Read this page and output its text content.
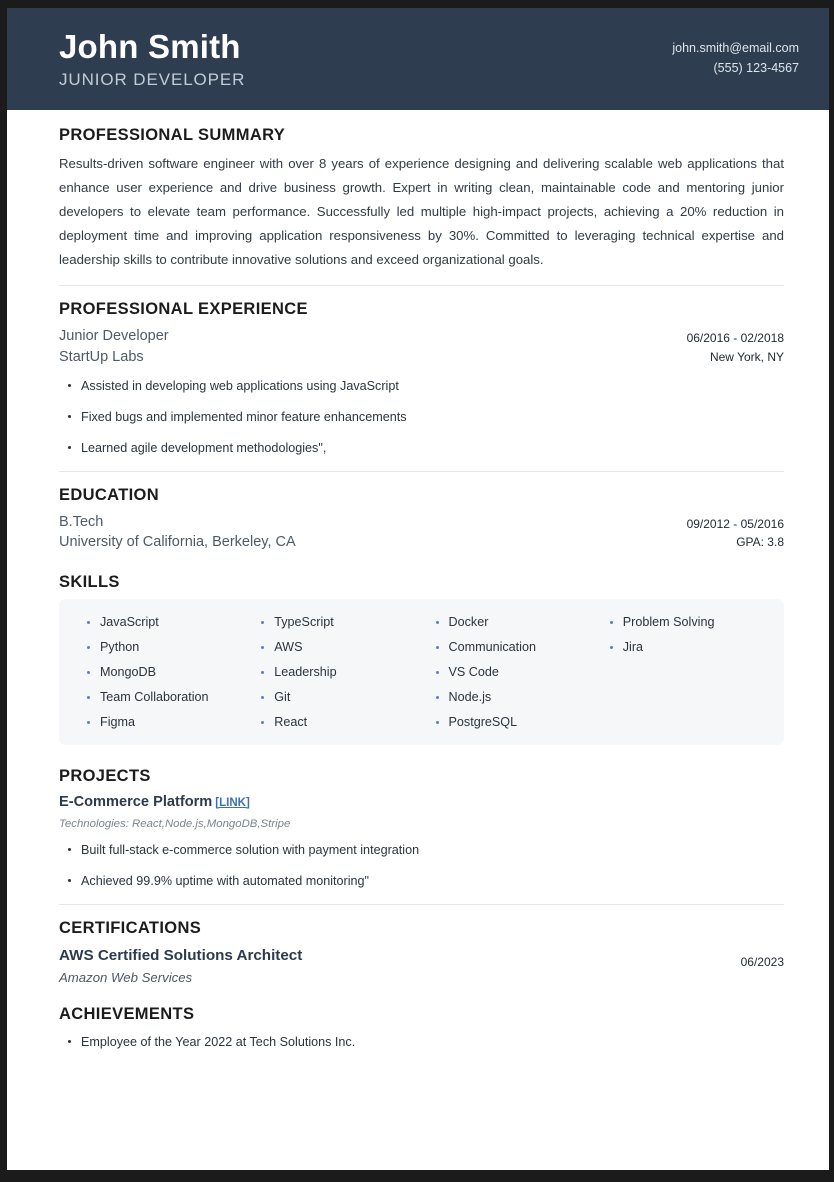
John Smith
JUNIOR DEVELOPER
john.smith@email.com
(555) 123-4567
PROFESSIONAL SUMMARY

Results-driven software engineer with over 8 years of experience designing and delivering scalable web applications that enhance user experience and drive business growth. Expert in writing clean, maintainable code and mentoring junior developers to elevate team performance. Successfully led multiple high-impact projects, achieving a 20% reduction in deployment time and improving application responsiveness by 30%. Committed to leveraging technical expertise and leadership skills to contribute innovative solutions and exceed organizational goals.

PROFESSIONAL EXPERIENCE
Junior Developer
StartUp Labs
06/2016 - 02/2018
New York, NY
Assisted in developing web applications using JavaScript
Fixed bugs and implemented minor feature enhancements
Learned agile development methodologies",
EDUCATION
B.Tech
University of California, Berkeley, CA
09/2012 - 05/2016
GPA: 3.8
SKILLS
JavaScript
Python
MongoDB
Team Collaboration
Figma
TypeScript
AWS
Leadership
Git
React
Docker
Communication
VS Code
Node.js
PostgreSQL
Problem Solving
Jira
PROJECTS
E-Commerce Platform [LINK]
Technologies: React,Node.js,MongoDB,Stripe
Built full-stack e-commerce solution with payment integration
Achieved 99.9% uptime with automated monitoring"
CERTIFICATIONS
AWS Certified Solutions Architect
Amazon Web Services
06/2023
ACHIEVEMENTS
Employee of the Year 2022 at Tech Solutions Inc.
